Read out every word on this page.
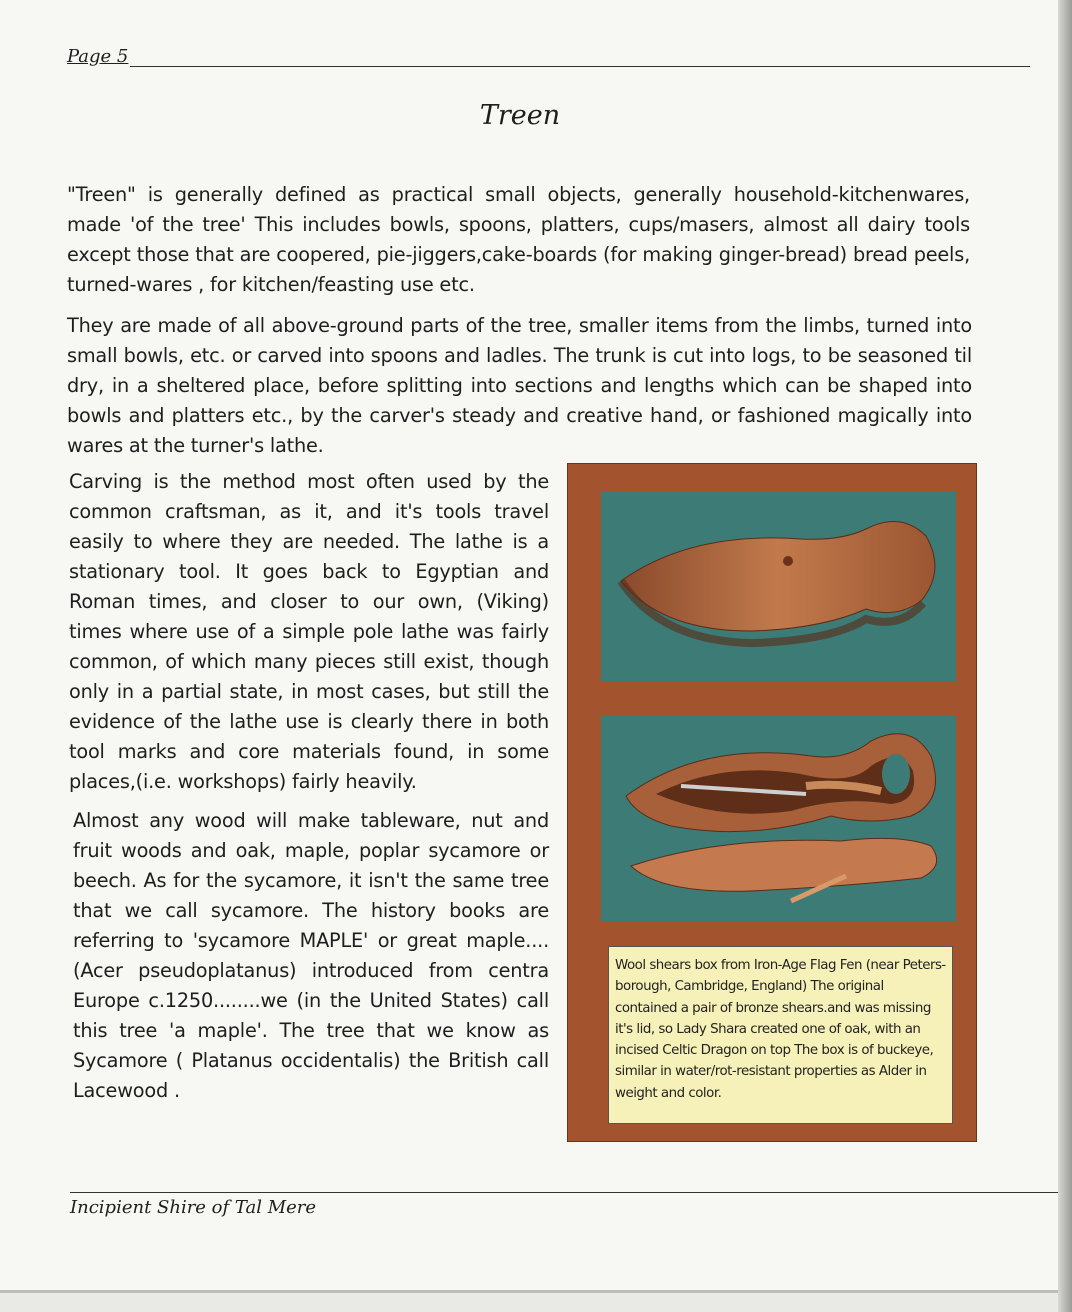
Page 5
Treen
"Treen" is generally defined as practical small objects, generally household-kitchenwares, made 'of the tree' This includes bowls, spoons, platters, cups/masers, almost all dairy tools except those that are coopered, pie-jiggers,cake-boards (for making ginger-bread) bread peels, turned-wares , for kitchen/feasting use etc.
They are made of all above-ground parts of the tree, smaller items from the limbs, turned into small bowls, etc. or carved into spoons and ladles. The trunk is cut into logs, to be seasoned til dry, in a sheltered place, before splitting into sections and lengths which can be shaped into bowls and platters etc., by the carver's steady and creative hand, or fashioned magically into wares at the turner's lathe.
Carving is the method most often used by the common craftsman, as it, and it's tools travel easily to where they are needed. The lathe is a stationary tool. It goes back to Egyptian and Roman times, and closer to our own, (Viking) times where use of a simple pole lathe was fairly common, of which many pieces still exist, though only in a partial state, in most cases, but still the evidence of the lathe use is clearly there in both tool marks and core materials found, in some places,(i.e. workshops) fairly heavily.
Almost any wood will make tableware, nut and fruit woods and oak, maple, poplar sycamore or beech. As for the sycamore, it isn't the same tree that we call sycamore. The history books are referring to 'sycamore MAPLE' or great maple....(Acer pseudoplatanus) introduced from centra Europe c.1250........we (in the United States) call this tree 'a maple'. The tree that we know as Sycamore ( Platanus occidentalis) the British call Lacewood .
Wool shears box from Iron-Age Flag Fen (near Peters-borough, Cambridge, England) The original contained a pair of bronze shears.and was missing it's lid, so Lady Shara created one of oak, with an incised Celtic Dragon on top The box is of buckeye, similar in water/rot-resistant properties as Alder in weight and color.
Incipient Shire of Tal Mere
